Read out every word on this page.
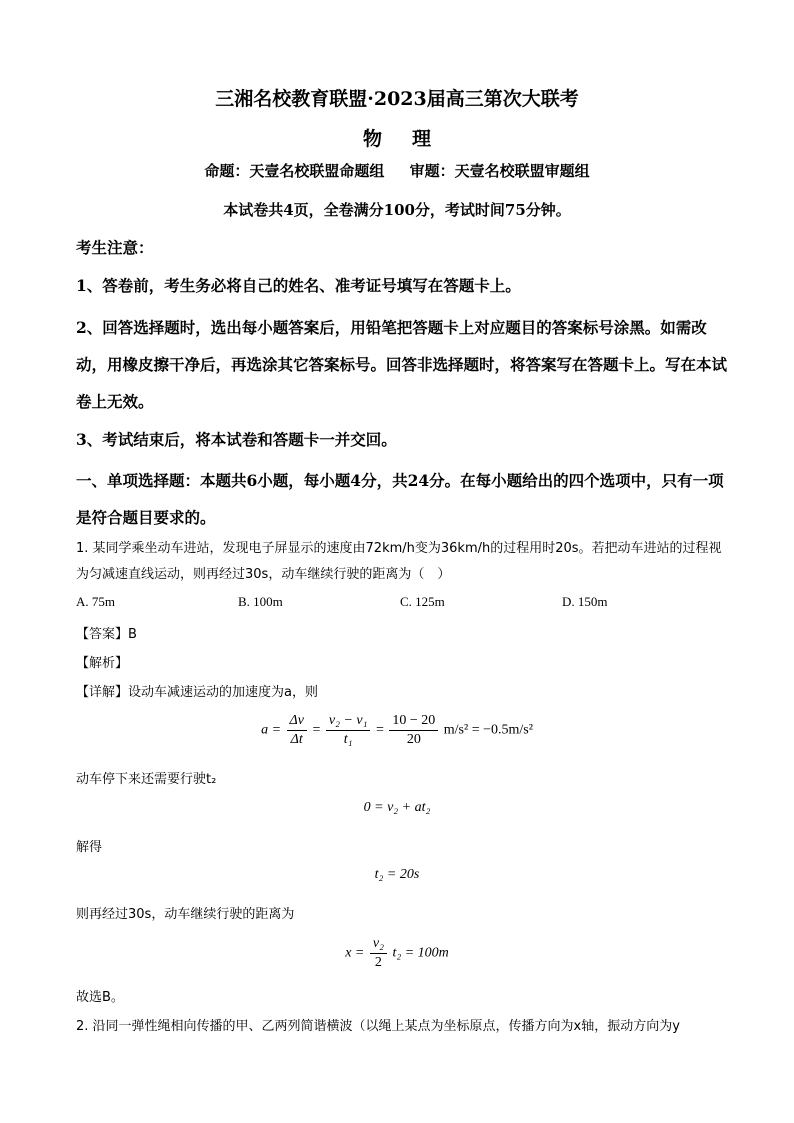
三湘名校教育联盟·2023届高三第次大联考
物理
命题：天壹名校联盟命题组 审题：天壹名校联盟审题组
本试卷共4页，全卷满分100分，考试时间75分钟。
考生注意：
1、答卷前，考生务必将自己的姓名、准考证号填写在答题卡上。
2、回答选择题时，选出每小题答案后，用铅笔把答题卡上对应题目的答案标号涂黑。如需改动，用橡皮擦干净后，再选涂其它答案标号。回答非选择题时，将答案写在答题卡上。写在本试卷上无效。
3、考试结束后，将本试卷和答题卡一并交回。
一、单项选择题：本题共6小题，每小题4分，共24分。在每小题给出的四个选项中，只有一项是符合题目要求的。
1. 某同学乘坐动车进站，发现电子屏显示的速度由72km/h变为36km/h的过程用时20s。若把动车进站的过程视为匀减速直线运动，则再经过30s，动车继续行驶的距离为（　）
A. 75m	B. 100m	C. 125m	D. 150m
【答案】B
【解析】
【详解】设动车减速运动的加速度为a，则
$a = \frac{\Delta v}{\Delta t} = \frac{\text{v₂ − v₁}}{\text{t₁}} = \frac{10 - 20}{20} m/s^2 = -0.5m/s^2$
动车停下来还需要行驶t₂
0 = v₂ + at₂
解得
t₂ = 20s
则再经过30s，动车继续行驶的距离为
$x = \frac{\text{v₂}}{2} t_2 = 100m$
故选B。
2. 沿同一弹性绳相向传播的甲、乙两列简谐横波（以绳上某点为坐标原点，传播方向为x轴，振动方向为y
